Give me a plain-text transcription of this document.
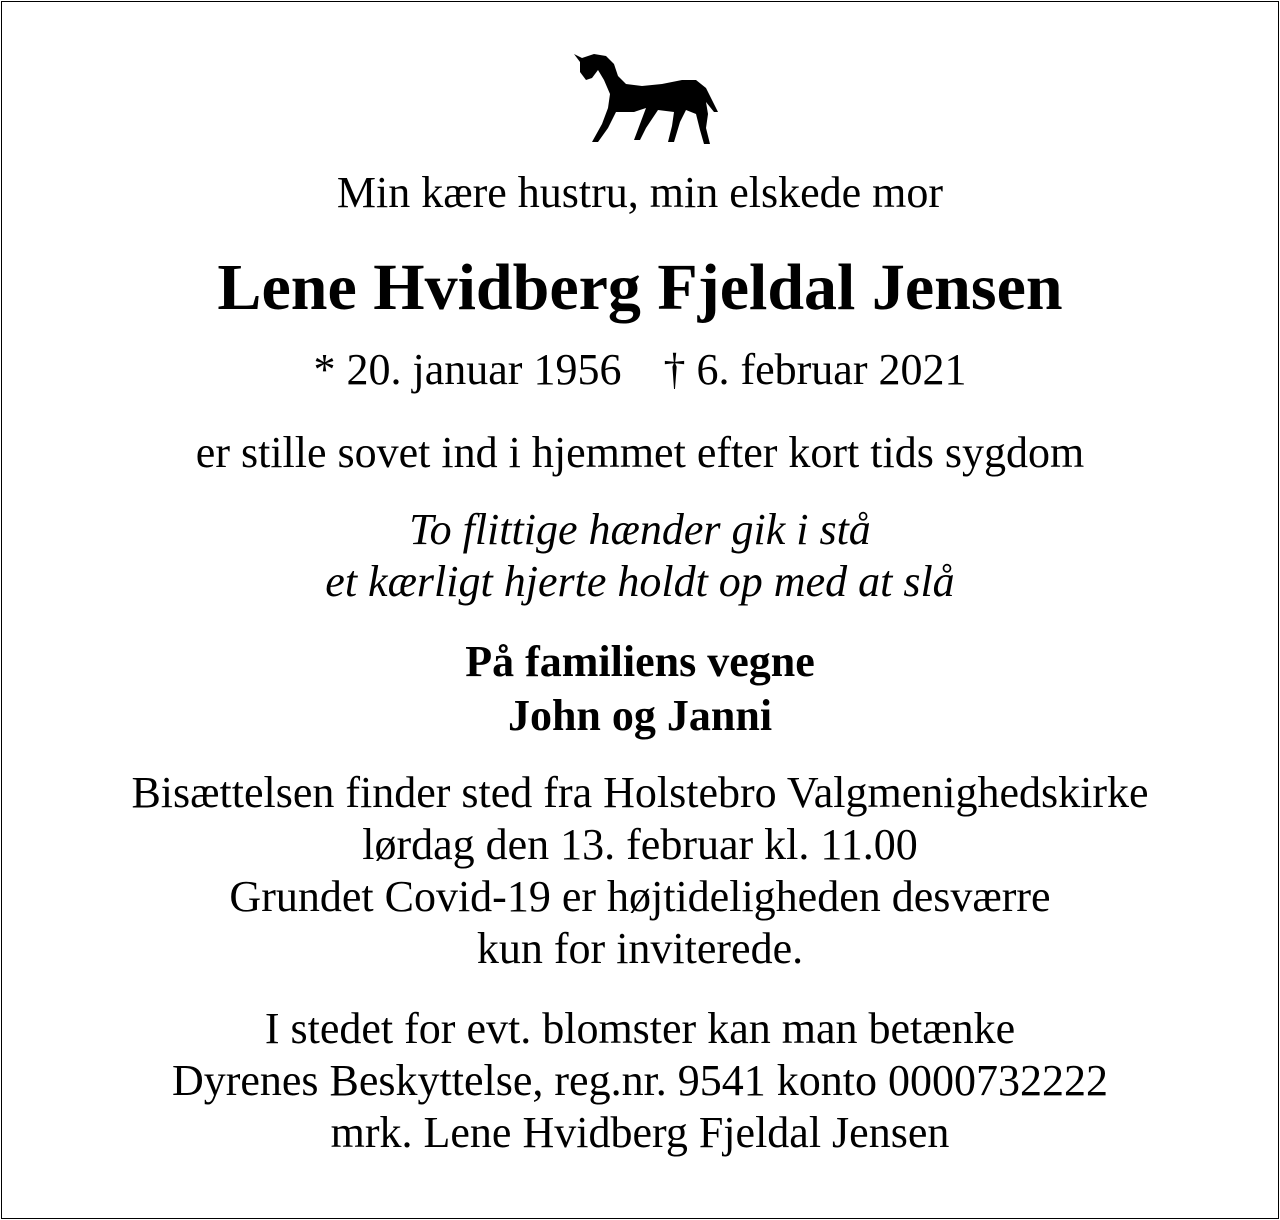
Min kære hustru, min elskede mor
Lene Hvidberg Fjeldal Jensen
* 20. januar 1956 † 6. februar 2021
er stille sovet ind i hjemmet efter kort tids sygdom
To flittige hænder gik i stå
et kærligt hjerte holdt op med at slå
På familiens vegne
John og Janni
Bisættelsen finder sted fra Holstebro Valgmenighedskirke
lørdag den 13. februar kl. 11.00
Grundet Covid-19 er højtideligheden desværre
kun for inviterede.
I stedet for evt. blomster kan man betænke
Dyrenes Beskyttelse, reg.nr. 9541 konto 0000732222
mrk. Lene Hvidberg Fjeldal Jensen
